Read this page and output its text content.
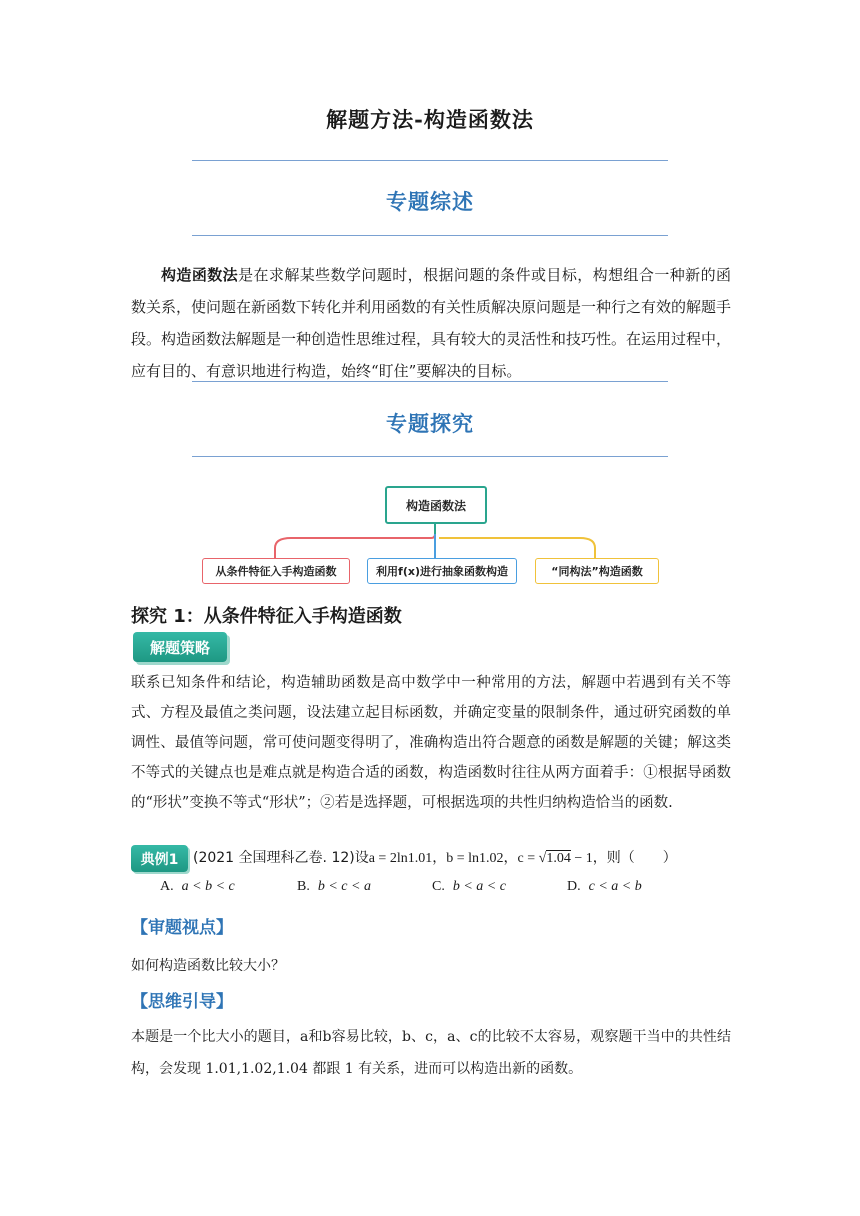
解题方法-构造函数法
专题综述
构造函数法是在求解某些数学问题时，根据问题的条件或目标，构想组合一种新的函数关系，使问题在新函数下转化并利用函数的有关性质解决原问题是一种行之有效的解题手段。构造函数法解题是一种创造性思维过程，具有较大的灵活性和技巧性。在运用过程中，应有目的、有意识地进行构造，始终“盯住”要解决的目标。
专题探究
构造函数法
从条件特征入手构造函数	利用f(x)进行抽象函数构造	“同构法”构造函数
探究 1：从条件特征入手构造函数
解题策略
联系已知条件和结论，构造辅助函数是高中数学中一种常用的方法，解题中若遇到有关不等式、方程及最值之类问题，设法建立起目标函数，并确定变量的限制条件，通过研究函数的单调性、最值等问题，常可使问题变得明了，准确构造出符合题意的函数是解题的关键；解这类不等式的关键点也是难点就是构造合适的函数，构造函数时往往从两方面着手：①根据导函数的“形状”变换不等式“形状”；②若是选择题，可根据选项的共性归纳构造恰当的函数.
典例1	(2021 全国理科乙卷. 12)设a = 2ln1.01，b = ln1.02，c = √1.04 − 1，则（　　）
A. a < b < c	B. b < c < a	C. b < a < c	D. c < a < b
【审题视点】
如何构造函数比较大小？
【思维引导】
本题是一个比大小的题目，a和b容易比较，b、c，a、c的比较不太容易，观察题干当中的共性结构，会发现 1.01,1.02,1.04 都跟 1 有关系，进而可以构造出新的函数。
